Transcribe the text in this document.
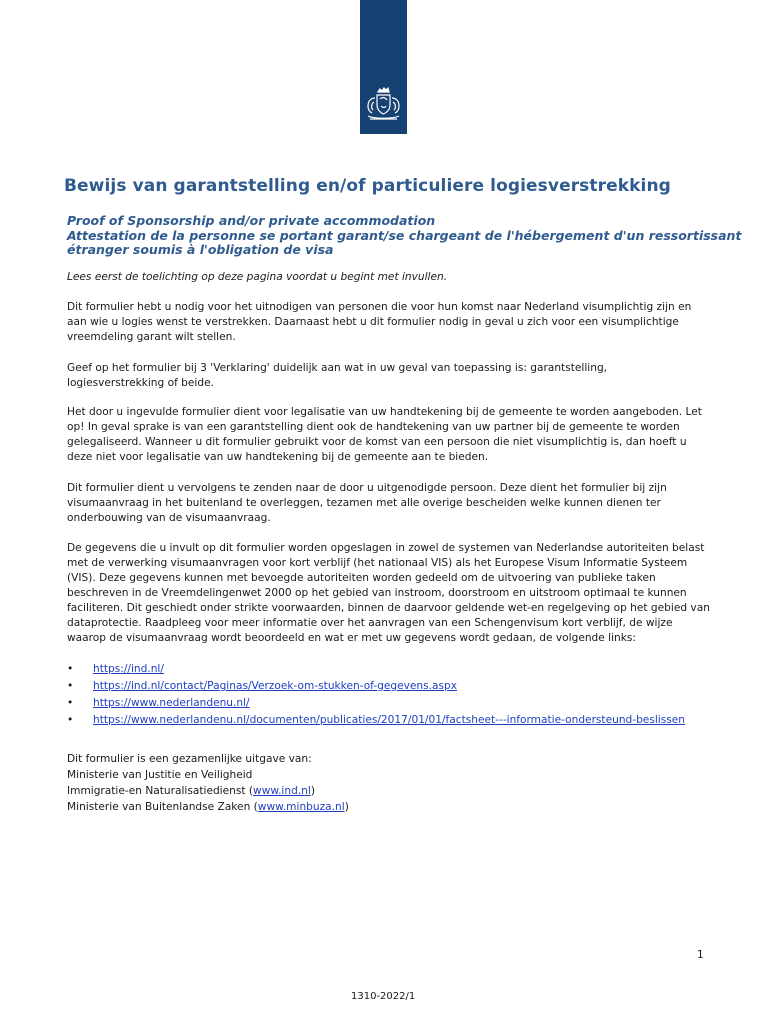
Bewijs van garantstelling en/of particuliere logiesverstrekking
Proof of Sponsorship and/or private accommodation
Attestation de la personne se portant garant/se chargeant de l'hébergement d'un ressortissant
étranger soumis à l'obligation de visa
Lees eerst de toelichting op deze pagina voordat u begint met invullen.
Dit formulier hebt u nodig voor het uitnodigen van personen die voor hun komst naar Nederland visumplichtig zijn en
aan wie u logies wenst te verstrekken. Daarnaast hebt u dit formulier nodig in geval u zich voor een visumplichtige
vreemdeling garant wilt stellen.
Geef op het formulier bij 3 'Verklaring' duidelijk aan wat in uw geval van toepassing is: garantstelling,
logiesverstrekking of beide.
Het door u ingevulde formulier dient voor legalisatie van uw handtekening bij de gemeente te worden aangeboden. Let
op! In geval sprake is van een garantstelling dient ook de handtekening van uw partner bij de gemeente te worden
gelegaliseerd. Wanneer u dit formulier gebruikt voor de komst van een persoon die niet visumplichtig is, dan hoeft u
deze niet voor legalisatie van uw handtekening bij de gemeente aan te bieden.
Dit formulier dient u vervolgens te zenden naar de door u uitgenodigde persoon. Deze dient het formulier bij zijn
visumaanvraag in het buitenland te overleggen, tezamen met alle overige bescheiden welke kunnen dienen ter
onderbouwing van de visumaanvraag.
De gegevens die u invult op dit formulier worden opgeslagen in zowel de systemen van Nederlandse autoriteiten belast
met de verwerking visumaanvragen voor kort verblijf (het nationaal VIS) als het Europese Visum Informatie Systeem
(VIS). Deze gegevens kunnen met bevoegde autoriteiten worden gedeeld om de uitvoering van publieke taken
beschreven in de Vreemdelingenwet 2000 op het gebied van instroom, doorstroom en uitstroom optimaal te kunnen
faciliteren. Dit geschiedt onder strikte voorwaarden, binnen de daarvoor geldende wet-en regelgeving op het gebied van
dataprotectie. Raadpleeg voor meer informatie over het aanvragen van een Schengenvisum kort verblijf, de wijze
waarop de visumaanvraag wordt beoordeeld en wat er met uw gegevens wordt gedaan, de volgende links:
• https://ind.nl/
• https://ind.nl/contact/Paginas/Verzoek-om-stukken-of-gegevens.aspx
• https://www.nederlandenu.nl/
• https://www.nederlandenu.nl/documenten/publicaties/2017/01/01/factsheet---informatie-ondersteund-beslissen
Dit formulier is een gezamenlijke uitgave van:
Ministerie van Justitie en Veiligheid
Immigratie-en Naturalisatiedienst (www.ind.nl)
Ministerie van Buitenlandse Zaken (www.minbuza.nl)
1
1310-2022/1
